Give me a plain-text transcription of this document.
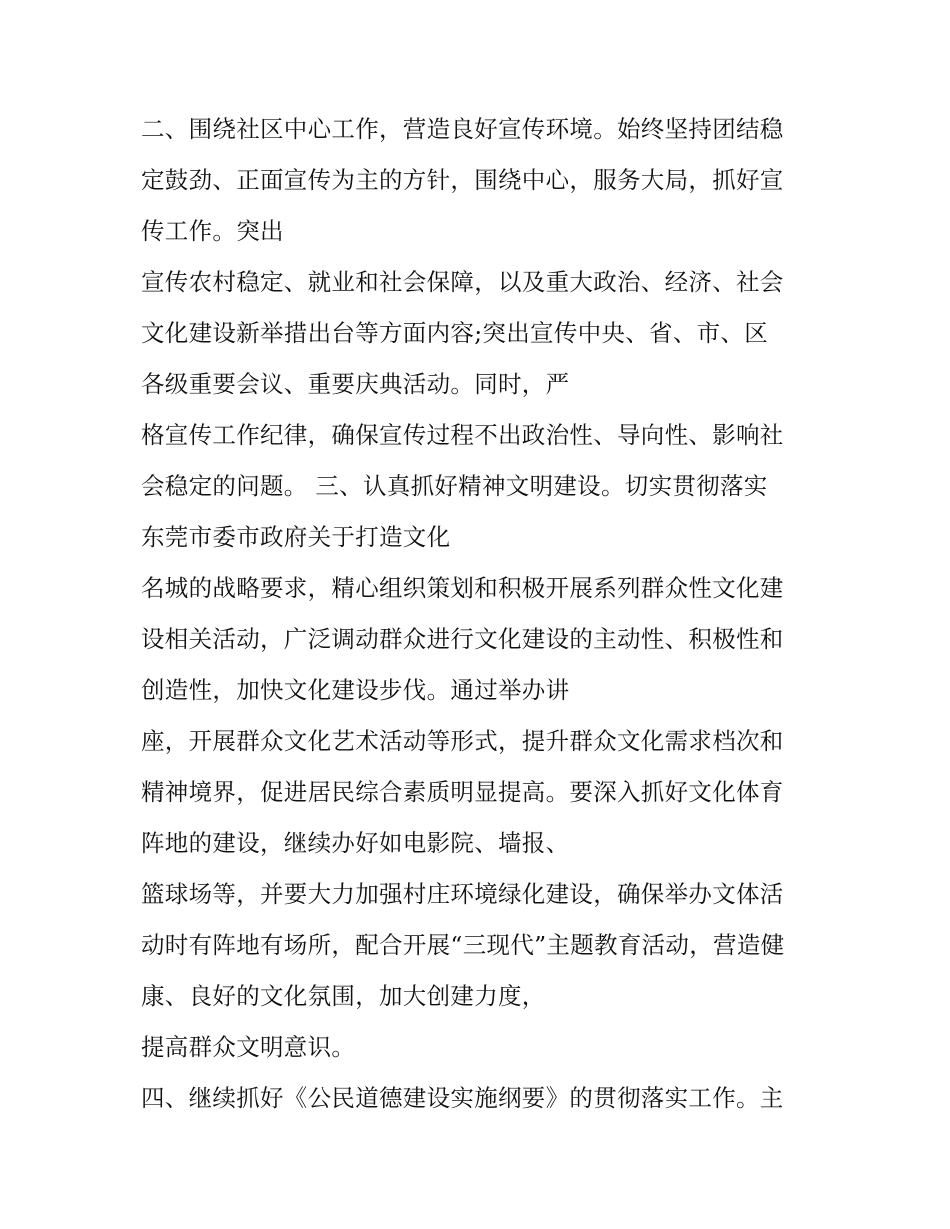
二、围绕社区中心工作，营造良好宣传环境。始终坚持团结稳
定鼓劲、正面宣传为主的方针，围绕中心，服务大局，抓好宣
传工作。突出
宣传农村稳定、就业和社会保障，以及重大政治、经济、社会
文化建设新举措出台等方面内容;突出宣传中央、省、市、区
各级重要会议、重要庆典活动。同时，严
格宣传工作纪律，确保宣传过程不出政治性、导向性、影响社
会稳定的问题。 三、认真抓好精神文明建设。切实贯彻落实
东莞市委市政府关于打造文化
名城的战略要求，精心组织策划和积极开展系列群众性文化建
设相关活动，广泛调动群众进行文化建设的主动性、积极性和
创造性，加快文化建设步伐。通过举办讲
座，开展群众文化艺术活动等形式，提升群众文化需求档次和
精神境界，促进居民综合素质明显提高。要深入抓好文化体育
阵地的建设，继续办好如电影院、墙报、
篮球场等，并要大力加强村庄环境绿化建设，确保举办文体活
动时有阵地有场所，配合开展“三现代”主题教育活动，营造健
康、良好的文化氛围，加大创建力度，
提高群众文明意识。
四、继续抓好《公民道德建设实施纲要》的贯彻落实工作。主
